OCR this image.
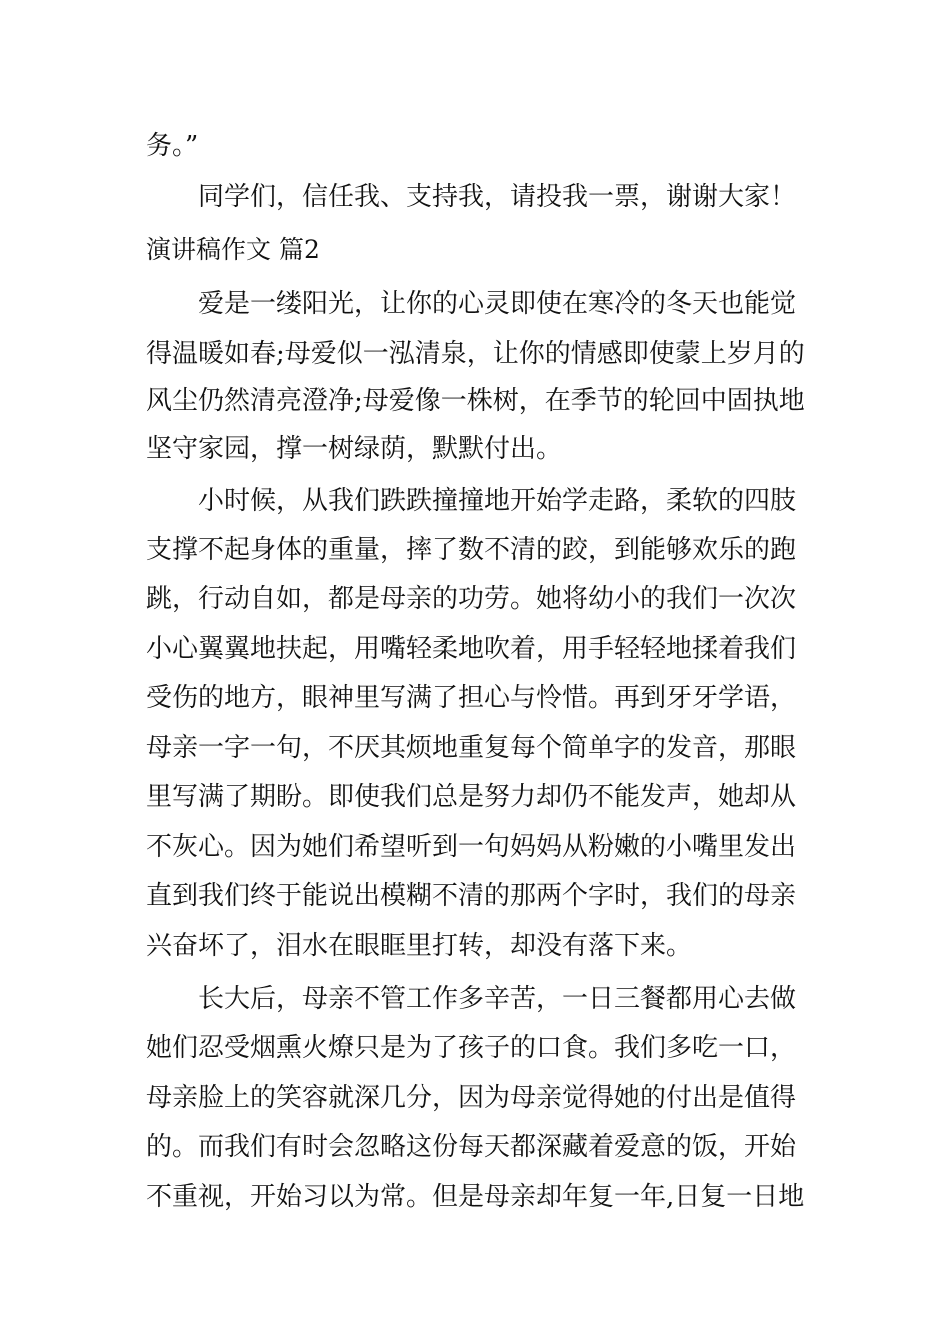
务。”
同学们，信任我、支持我，请投我一票，谢谢大家！
演讲稿作文 篇2
爱是一缕阳光，让你的心灵即使在寒冷的冬天也能觉
得温暖如春;母爱似一泓清泉，让你的情感即使蒙上岁月的
风尘仍然清亮澄净;母爱像一株树，在季节的轮回中固执地
坚守家园，撑一树绿荫，默默付出。
小时候，从我们跌跌撞撞地开始学走路，柔软的四肢
支撑不起身体的重量，摔了数不清的跤，到能够欢乐的跑
跳，行动自如，都是母亲的功劳。她将幼小的我们一次次
小心翼翼地扶起，用嘴轻柔地吹着，用手轻轻地揉着我们
受伤的地方，眼神里写满了担心与怜惜。再到牙牙学语，
母亲一字一句，不厌其烦地重复每个简单字的发音，那眼
里写满了期盼。即使我们总是努力却仍不能发声，她却从
不灰心。因为她们希望听到一句妈妈从粉嫩的小嘴里发出
直到我们终于能说出模糊不清的那两个字时，我们的母亲
兴奋坏了，泪水在眼眶里打转，却没有落下来。
长大后，母亲不管工作多辛苦，一日三餐都用心去做
她们忍受烟熏火燎只是为了孩子的口食。我们多吃一口，
母亲脸上的笑容就深几分，因为母亲觉得她的付出是值得
的。而我们有时会忽略这份每天都深藏着爱意的饭，开始
不重视，开始习以为常。但是母亲却年复一年,日复一日地
